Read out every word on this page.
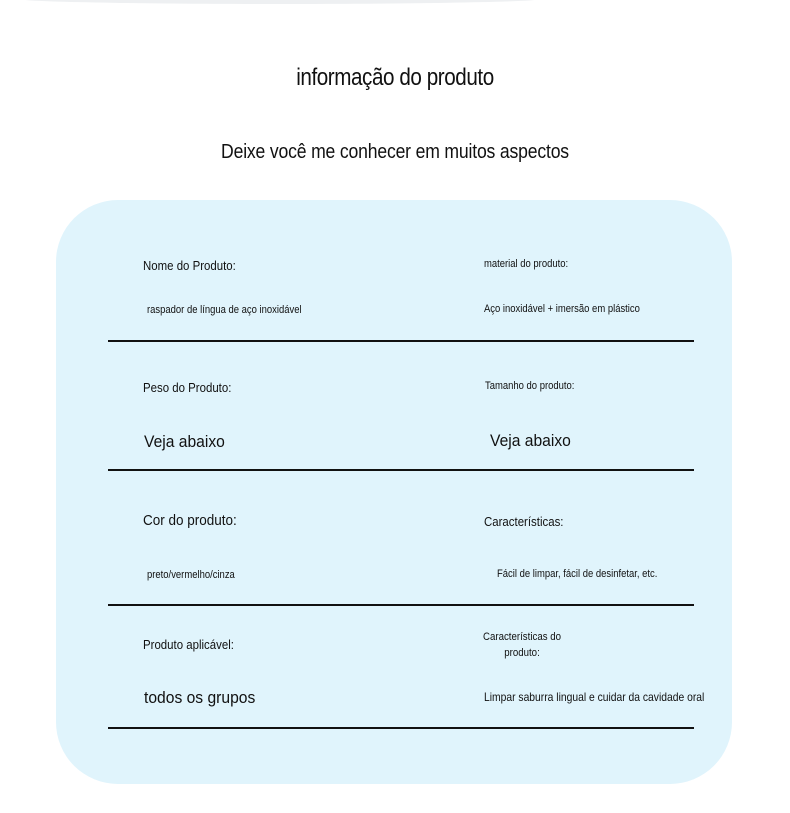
informação do produto
Deixe você me conhecer em muitos aspectos
Nome do Produto:
raspador de língua de aço inoxidável
material do produto:
Aço inoxidável + imersão em plástico
Peso do Produto:
Veja abaixo
Tamanho do produto:
Veja abaixo
Cor do produto:
preto/vermelho/cinza
Características:
Fácil de limpar, fácil de desinfetar, etc.
Produto aplicável:
todos os grupos
Características do produto:
Limpar saburra lingual e cuidar da cavidade oral
